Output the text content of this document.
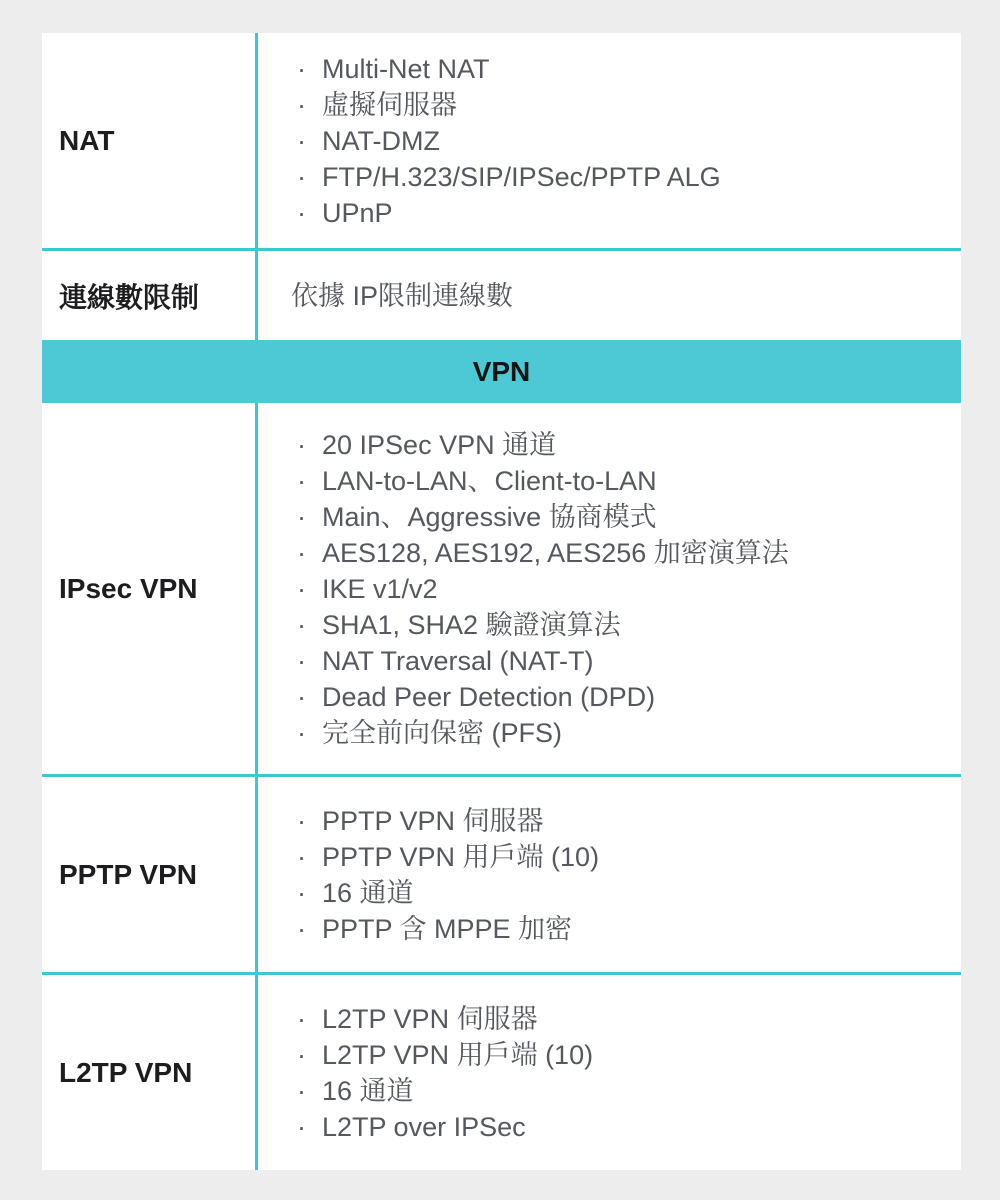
NAT
· Multi-Net NAT
· 虛擬伺服器
· NAT-DMZ
· FTP/H.323/SIP/IPSec/PPTP ALG
· UPnP
連線數限制	依據 IP限制連線數
VPN
IPsec VPN
· 20 IPSec VPN 通道
· LAN-to-LAN、Client-to-LAN
· Main、Aggressive 協商模式
· AES128, AES192, AES256 加密演算法
· IKE v1/v2
· SHA1, SHA2 驗證演算法
· NAT Traversal (NAT-T)
· Dead Peer Detection (DPD)
· 完全前向保密 (PFS)
PPTP VPN
· PPTP VPN 伺服器
· PPTP VPN 用戶端 (10)
· 16 通道
· PPTP 含 MPPE 加密
L2TP VPN
· L2TP VPN 伺服器
· L2TP VPN 用戶端 (10)
· 16 通道
· L2TP over IPSec
